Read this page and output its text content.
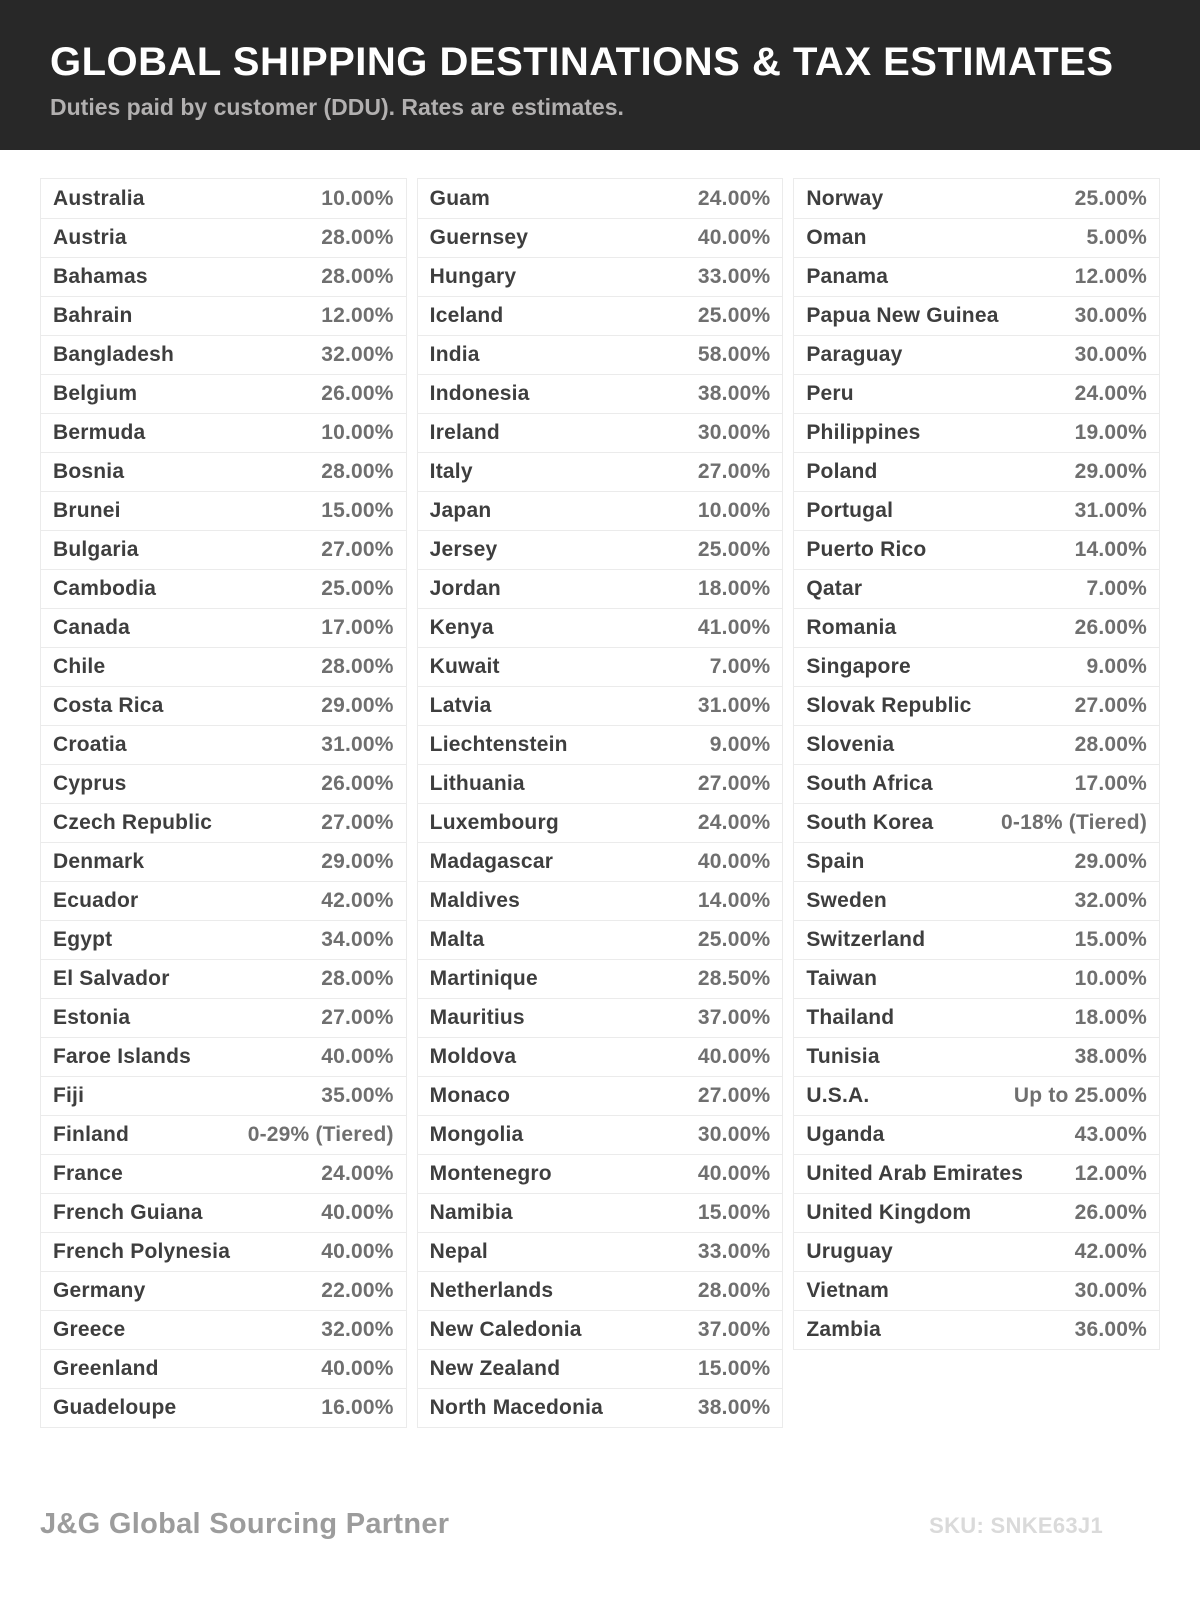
GLOBAL SHIPPING DESTINATIONS & TAX ESTIMATES
Duties paid by customer (DDU). Rates are estimates.
Australia	10.00%
Austria	28.00%
Bahamas	28.00%
Bahrain	12.00%
Bangladesh	32.00%
Belgium	26.00%
Bermuda	10.00%
Bosnia	28.00%
Brunei	15.00%
Bulgaria	27.00%
Cambodia	25.00%
Canada	17.00%
Chile	28.00%
Costa Rica	29.00%
Croatia	31.00%
Cyprus	26.00%
Czech Republic	27.00%
Denmark	29.00%
Ecuador	42.00%
Egypt	34.00%
El Salvador	28.00%
Estonia	27.00%
Faroe Islands	40.00%
Fiji	35.00%
Finland	0-29% (Tiered)
France	24.00%
French Guiana	40.00%
French Polynesia	40.00%
Germany	22.00%
Greece	32.00%
Greenland	40.00%
Guadeloupe	16.00%
Guam	24.00%
Guernsey	40.00%
Hungary	33.00%
Iceland	25.00%
India	58.00%
Indonesia	38.00%
Ireland	30.00%
Italy	27.00%
Japan	10.00%
Jersey	25.00%
Jordan	18.00%
Kenya	41.00%
Kuwait	7.00%
Latvia	31.00%
Liechtenstein	9.00%
Lithuania	27.00%
Luxembourg	24.00%
Madagascar	40.00%
Maldives	14.00%
Malta	25.00%
Martinique	28.50%
Mauritius	37.00%
Moldova	40.00%
Monaco	27.00%
Mongolia	30.00%
Montenegro	40.00%
Namibia	15.00%
Nepal	33.00%
Netherlands	28.00%
New Caledonia	37.00%
New Zealand	15.00%
North Macedonia	38.00%
Norway	25.00%
Oman	5.00%
Panama	12.00%
Papua New Guinea	30.00%
Paraguay	30.00%
Peru	24.00%
Philippines	19.00%
Poland	29.00%
Portugal	31.00%
Puerto Rico	14.00%
Qatar	7.00%
Romania	26.00%
Singapore	9.00%
Slovak Republic	27.00%
Slovenia	28.00%
South Africa	17.00%
South Korea	0-18% (Tiered)
Spain	29.00%
Sweden	32.00%
Switzerland	15.00%
Taiwan	10.00%
Thailand	18.00%
Tunisia	38.00%
U.S.A.	Up to 25.00%
Uganda	43.00%
United Arab Emirates 12.00%
United Kingdom	26.00%
Uruguay	42.00%
Vietnam	30.00%
Zambia	36.00%
J&G Global Sourcing Partner	SKU: SNKE63J1
